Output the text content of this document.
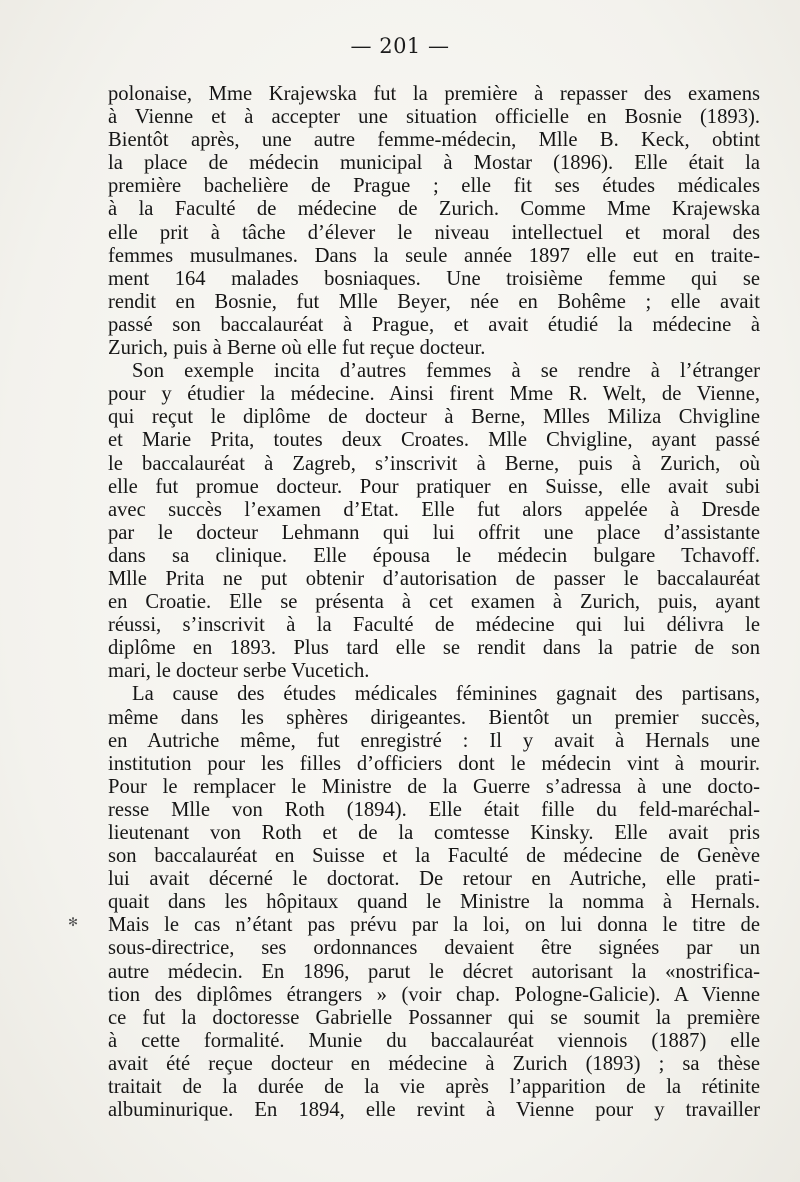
— 201 —
✻
polonaise, Mme Krajewska fut la première à repasser des examens
à Vienne et à accepter une situation officielle en Bosnie (1893).
Bientôt après, une autre femme-médecin, Mlle B. Keck, obtint
la place de médecin municipal à Mostar (1896). Elle était la
première bachelière de Prague ; elle fit ses études médicales
à la Faculté de médecine de Zurich. Comme Mme Krajewska
elle prit à tâche d’élever le niveau intellectuel et moral des
femmes musulmanes. Dans la seule année 1897 elle eut en traite-
ment 164 malades bosniaques. Une troisième femme qui se
rendit en Bosnie, fut Mlle Beyer, née en Bohême ; elle avait
passé son baccalauréat à Prague, et avait étudié la médecine à
Zurich, puis à Berne où elle fut reçue docteur.
Son exemple incita d’autres femmes à se rendre à l’étranger
pour y étudier la médecine. Ainsi firent Mme R. Welt, de Vienne,
qui reçut le diplôme de docteur à Berne, Mlles Miliza Chvigline
et Marie Prita, toutes deux Croates. Mlle Chvigline, ayant passé
le baccalauréat à Zagreb, s’inscrivit à Berne, puis à Zurich, où
elle fut promue docteur. Pour pratiquer en Suisse, elle avait subi
avec succès l’examen d’Etat. Elle fut alors appelée à Dresde
par le docteur Lehmann qui lui offrit une place d’assistante
dans sa clinique. Elle épousa le médecin bulgare Tchavoff.
Mlle Prita ne put obtenir d’autorisation de passer le baccalauréat
en Croatie. Elle se présenta à cet examen à Zurich, puis, ayant
réussi, s’inscrivit à la Faculté de médecine qui lui délivra le
diplôme en 1893. Plus tard elle se rendit dans la patrie de son
mari, le docteur serbe Vucetich.
La cause des études médicales féminines gagnait des partisans,
même dans les sphères dirigeantes. Bientôt un premier succès,
en Autriche même, fut enregistré : Il y avait à Hernals une
institution pour les filles d’officiers dont le médecin vint à mourir.
Pour le remplacer le Ministre de la Guerre s’adressa à une docto-
resse Mlle von Roth (1894). Elle était fille du feld-maréchal-
lieutenant von Roth et de la comtesse Kinsky. Elle avait pris
son baccalauréat en Suisse et la Faculté de médecine de Genève
lui avait décerné le doctorat. De retour en Autriche, elle prati-
quait dans les hôpitaux quand le Ministre la nomma à Hernals.
Mais le cas n’étant pas prévu par la loi, on lui donna le titre de
sous-directrice, ses ordonnances devaient être signées par un
autre médecin. En 1896, parut le décret autorisant la «nostrifica-
tion des diplômes étrangers » (voir chap. Pologne-Galicie). A Vienne
ce fut la doctoresse Gabrielle Possanner qui se soumit la première
à cette formalité. Munie du baccalauréat viennois (1887) elle
avait été reçue docteur en médecine à Zurich (1893) ; sa thèse
traitait de la durée de la vie après l’apparition de la rétinite
albuminurique. En 1894, elle revint à Vienne pour y travailler
